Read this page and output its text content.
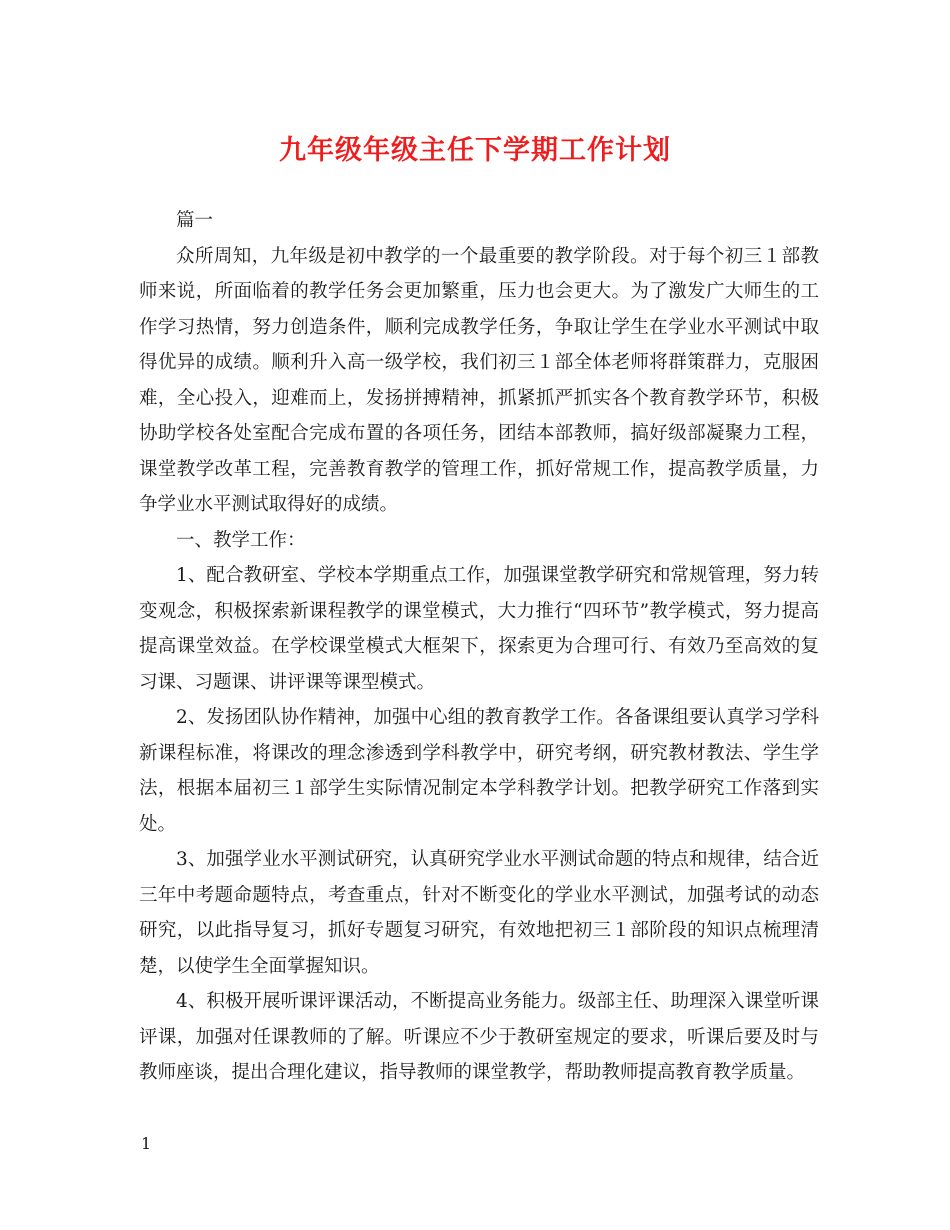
九年级年级主任下学期工作计划

篇一

众所周知，九年级是初中教学的一个最重要的教学阶段。对于每个初三１部教师来说，所面临着的教学任务会更加繁重，压力也会更大。为了激发广大师生的工作学习热情，努力创造条件，顺利完成教学任务，争取让学生在学业水平测试中取得优异的成绩。顺利升入高一级学校，我们初三１部全体老师将群策群力，克服困难，全心投入，迎难而上，发扬拼搏精神，抓紧抓严抓实各个教育教学环节，积极协助学校各处室配合完成布置的各项任务，团结本部教师，搞好级部凝聚力工程，课堂教学改革工程，完善教育教学的管理工作，抓好常规工作，提高教学质量，力争学业水平测试取得好的成绩。

一、教学工作：

1、配合教研室、学校本学期重点工作，加强课堂教学研究和常规管理，努力转变观念，积极探索新课程教学的课堂模式，大力推行“四环节”教学模式，努力提高提高课堂效益。在学校课堂模式大框架下，探索更为合理可行、有效乃至高效的复习课、习题课、讲评课等课型模式。

2、发扬团队协作精神，加强中心组的教育教学工作。各备课组要认真学习学科新课程标准，将课改的理念渗透到学科教学中，研究考纲，研究教材教法、学生学法，根据本届初三１部学生实际情况制定本学科教学计划。把教学研究工作落到实处。

3、加强学业水平测试研究，认真研究学业水平测试命题的特点和规律，结合近三年中考题命题特点，考查重点，针对不断变化的学业水平测试，加强考试的动态研究，以此指导复习，抓好专题复习研究，有效地把初三１部阶段的知识点梳理清楚，以使学生全面掌握知识。

4、积极开展听课评课活动，不断提高业务能力。级部主任、助理深入课堂听课评课，加强对任课教师的了解。听课应不少于教研室规定的要求，听课后要及时与教师座谈，提出合理化建议，指导教师的课堂教学，帮助教师提高教育教学质量。

1
